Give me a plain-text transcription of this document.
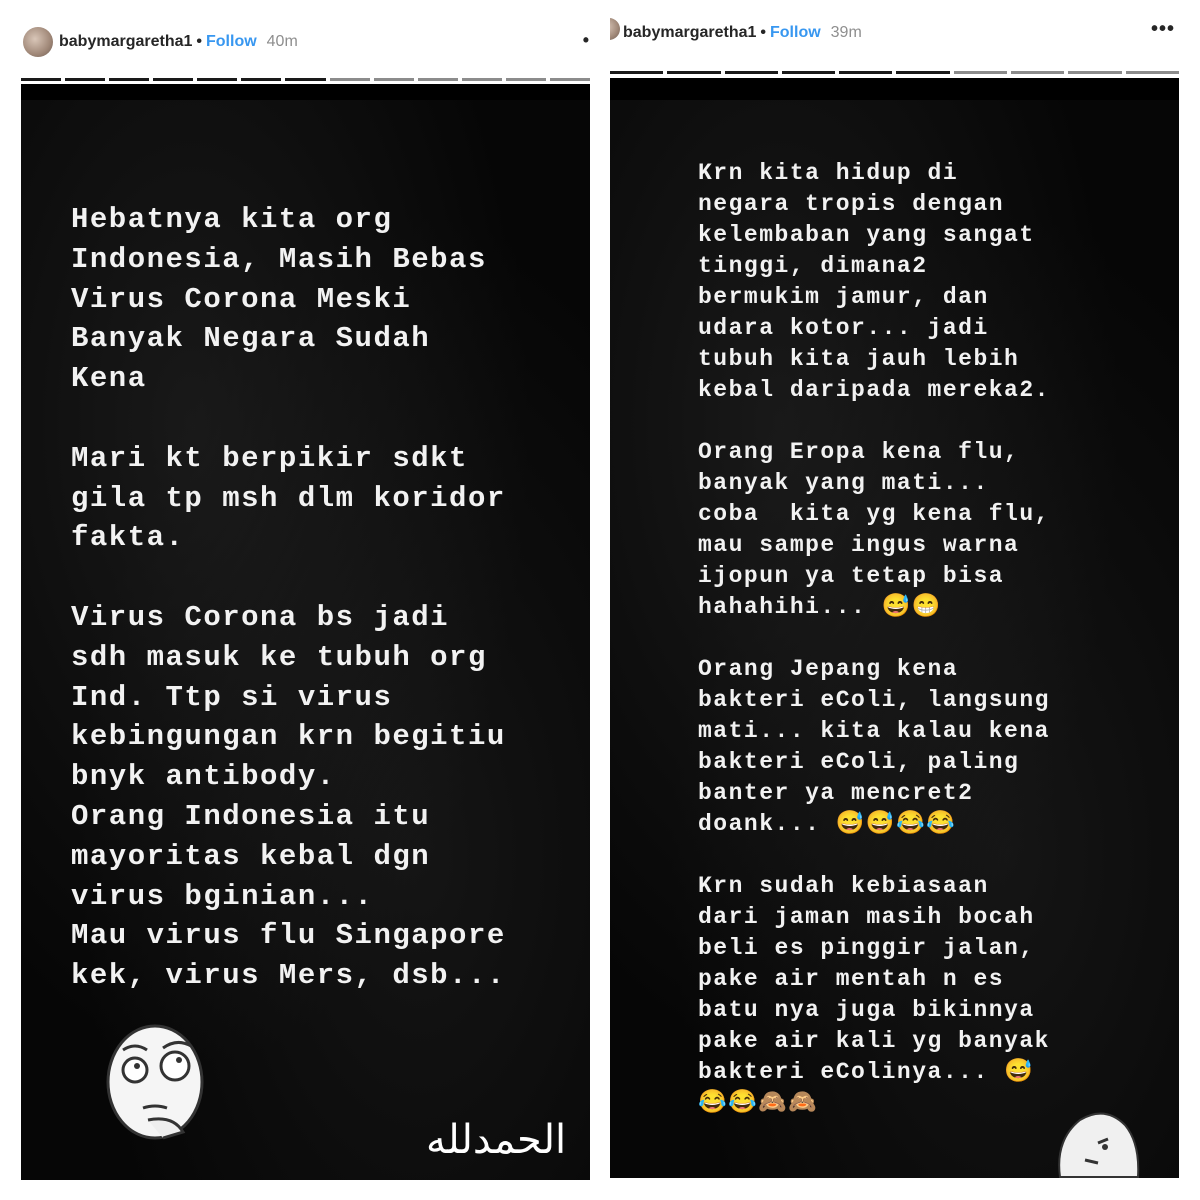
babymargaretha1 • Follow 40m	•
Hebatnya kita org
Indonesia, Masih Bebas
Virus Corona Meski
Banyak Negara Sudah
Kena

Mari kt berpikir sdkt
gila tp msh dlm koridor
fakta.

Virus Corona bs jadi
sdh masuk ke tubuh org
Ind. Ttp si virus
kebingungan krn begitiu
bnyk antibody.
Orang Indonesia itu
mayoritas kebal dgn
virus bginian...
Mau virus flu Singapore
kek, virus Mers, dsb...
الحمدلله
babymargaretha1 • Follow 39m	•••
Krn kita hidup di
negara tropis dengan
kelembaban yang sangat
tinggi, dimana2
bermukim jamur, dan
udara kotor... jadi
tubuh kita jauh lebih
kebal daripada mereka2.

Orang Eropa kena flu,
banyak yang mati...
coba  kita yg kena flu,
mau sampe ingus warna
ijopun ya tetap bisa
hahahihi... 😅😁

Orang Jepang kena
bakteri eColi, langsung
mati... kita kalau kena
bakteri eColi, paling
banter ya mencret2
doank... 😅😅😂😂

Krn sudah kebiasaan
dari jaman masih bocah
beli es pinggir jalan,
pake air mentah n es
batu nya juga bikinnya
pake air kali yg banyak
bakteri eColinya... 😅
😂😂🙈🙈
